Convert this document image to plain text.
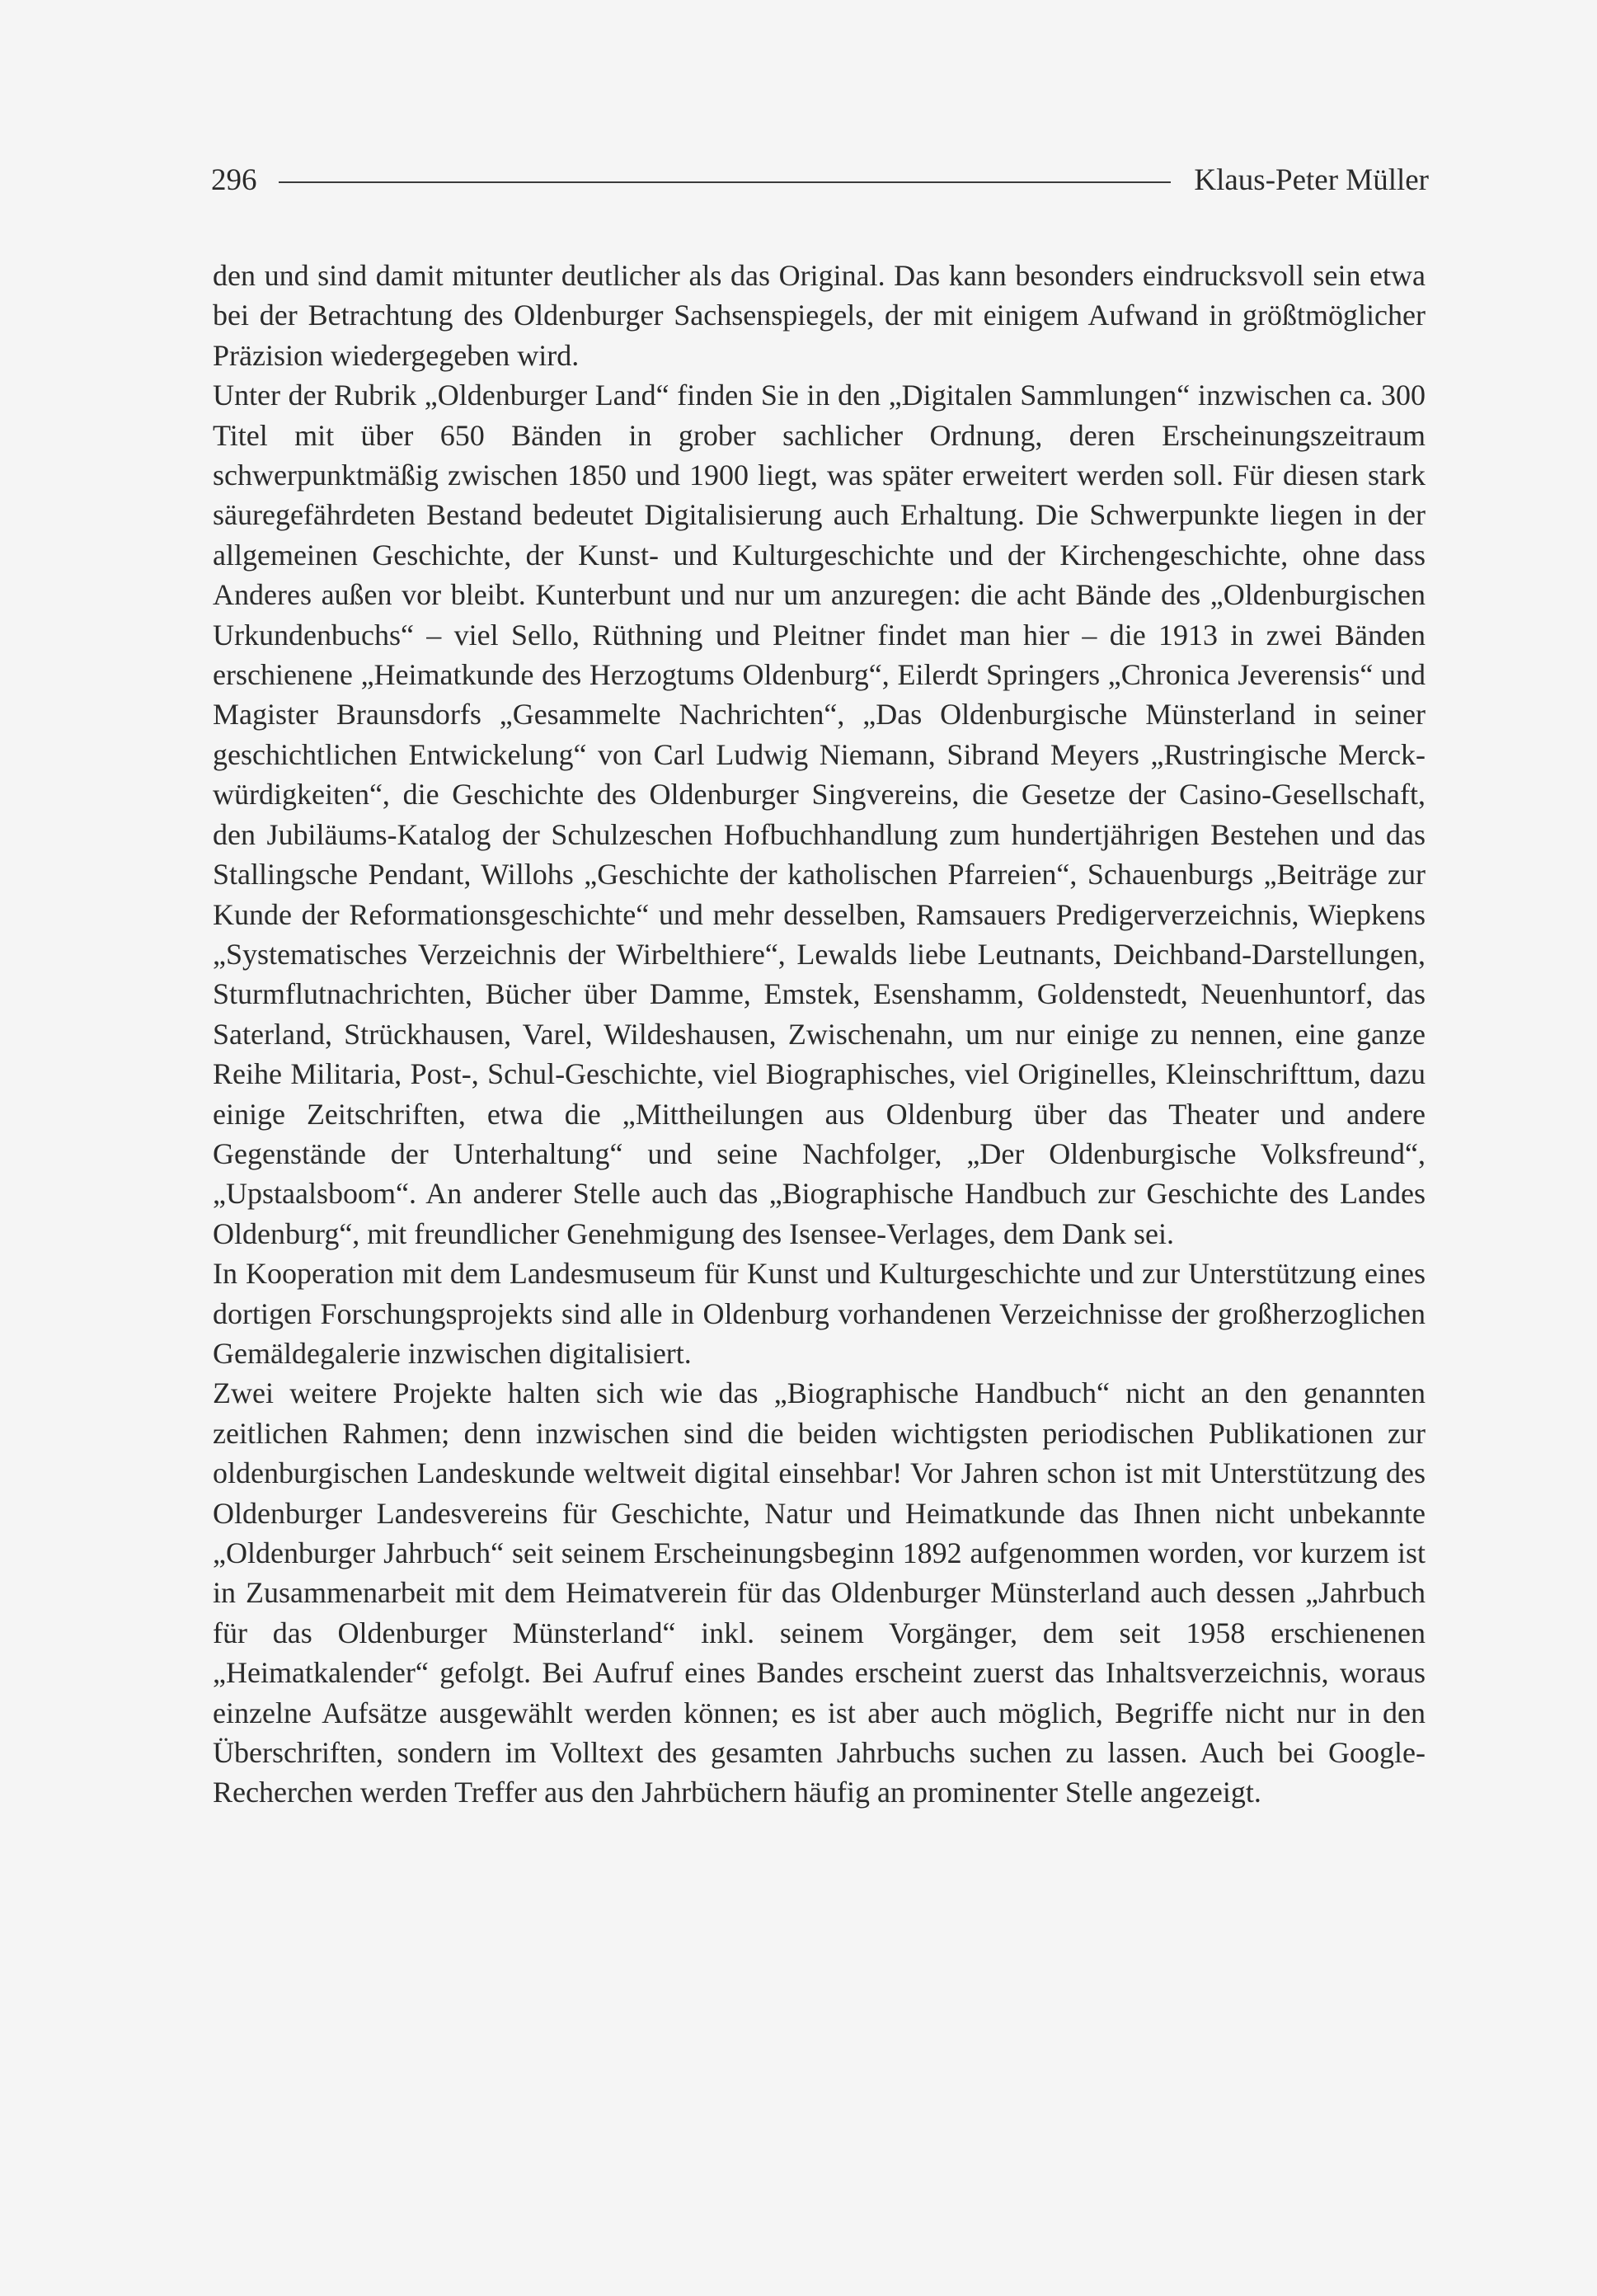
296	Klaus-Peter Müller

den und sind damit mitunter deutlicher als das Original. Das kann besonders eindrucksvoll sein etwa bei der Betrachtung des Oldenburger Sachsenspiegels, der mit einigem Aufwand in größtmöglicher Präzision wiedergegeben wird.

Unter der Rubrik „Oldenburger Land“ finden Sie in den „Digitalen Sammlungen“ inzwischen ca. 300 Titel mit über 650 Bänden in grober sachlicher Ordnung, deren Erscheinungszeitraum schwerpunktmäßig zwischen 1850 und 1900 liegt, was später erweitert werden soll. Für diesen stark säuregefährdeten Bestand bedeutet Digitalisierung auch Erhaltung. Die Schwerpunkte liegen in der allgemeinen Geschichte, der Kunst- und Kulturgeschichte und der Kirchengeschichte, ohne dass Anderes außen vor bleibt. Kunterbunt und nur um anzuregen: die acht Bände des „Oldenburgischen Urkundenbuchs“ – viel Sello, Rüthning und Pleitner findet man hier – die 1913 in zwei Bänden erschienene „Heimatkunde des Herzogtums Oldenburg“, Eilerdt Springers „Chronica Jeverensis“ und Magister Braunsdorfs „Gesammelte Nachrichten“, „Das Oldenburgische Münsterland in seiner geschichtlichen Entwickelung“ von Carl Ludwig Niemann, Sibrand Meyers „Rustringische Merckwürdigkeiten“, die Geschichte des Oldenburger Singvereins, die Gesetze der Casino-Gesellschaft, den Jubiläums-Katalog der Schulzeschen Hofbuchhandlung zum hundertjährigen Bestehen und das Stallingsche Pendant, Willohs „Geschichte der katholischen Pfarreien“, Schauenburgs „Beiträge zur Kunde der Reformationsgeschichte“ und mehr desselben, Ramsauers Predigerverzeichnis, Wiepkens „Systematisches Verzeichnis der Wirbelthiere“, Lewalds liebe Leutnants, Deichband-Darstellungen, Sturmflutnachrichten, Bücher über Damme, Emstek, Esenshamm, Goldenstedt, Neuenhuntorf, das Saterland, Strückhausen, Varel, Wildeshausen, Zwischenahn, um nur einige zu nennen, eine ganze Reihe Militaria, Post-, Schul-Geschichte, viel Biographisches, viel Originelles, Kleinschrifttum, dazu einige Zeitschriften, etwa die „Mittheilungen aus Oldenburg über das Theater und andere Gegenstände der Unterhaltung“ und seine Nachfolger, „Der Oldenburgische Volksfreund“, „Upstaalsboom“. An anderer Stelle auch das „Biographische Handbuch zur Geschichte des Landes Oldenburg“, mit freundlicher Genehmigung des Isensee-Verlages, dem Dank sei.

In Kooperation mit dem Landesmuseum für Kunst und Kulturgeschichte und zur Unterstützung eines dortigen Forschungsprojekts sind alle in Oldenburg vorhandenen Verzeichnisse der großherzoglichen Gemäldegalerie inzwischen digitalisiert.

Zwei weitere Projekte halten sich wie das „Biographische Handbuch“ nicht an den genannten zeitlichen Rahmen; denn inzwischen sind die beiden wichtigsten periodischen Publikationen zur oldenburgischen Landeskunde weltweit digital einsehbar! Vor Jahren schon ist mit Unterstützung des Oldenburger Landesvereins für Geschichte, Natur und Heimatkunde das Ihnen nicht unbekannte „Oldenburger Jahrbuch“ seit seinem Erscheinungsbeginn 1892 aufgenommen worden, vor kurzem ist in Zusammenarbeit mit dem Heimatverein für das Oldenburger Münsterland auch dessen „Jahrbuch für das Oldenburger Münsterland“ inkl. seinem Vorgänger, dem seit 1958 erschienenen „Heimatkalender“ gefolgt. Bei Aufruf eines Bandes erscheint zuerst das Inhaltsverzeichnis, woraus einzelne Aufsätze ausgewählt werden können; es ist aber auch möglich, Begriffe nicht nur in den Überschriften, sondern im Volltext des gesamten Jahrbuchs suchen zu lassen. Auch bei Google-Recherchen werden Treffer aus den Jahrbüchern häufig an prominenter Stelle angezeigt.
